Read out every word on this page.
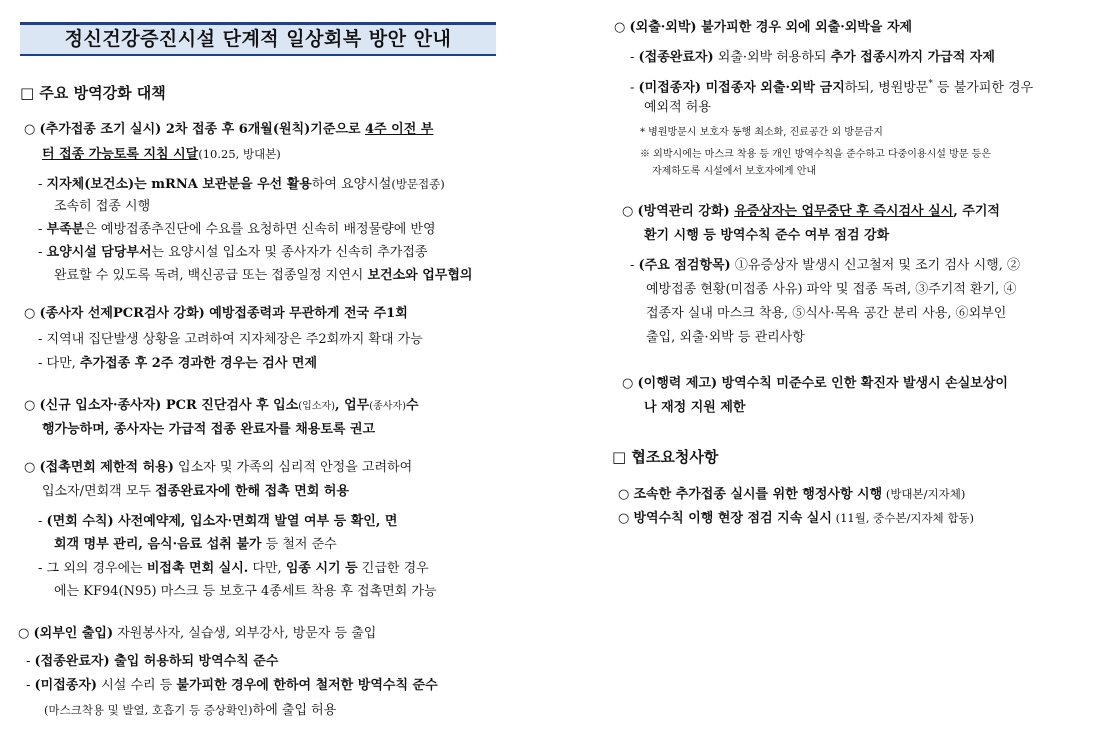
정신건강증진시설 단계적 일상회복 방안 안내
□ 주요 방역강화 대책
○ (추가접종 조기 실시) 2차 접종 후 6개월(원칙)기준으로 4주 이전 부
터 접종 가능토록 지침 시달(10.25, 방대본)
- 지자체(보건소)는 mRNA 보관분을 우선 활용하여 요양시설(방문접종)
조속히 접종 시행
- 부족분은 예방접종추진단에 수요를 요청하면 신속히 배정물량에 반영
- 요양시설 담당부서는 요양시설 입소자 및 종사자가 신속히 추가접종
완료할 수 있도록 독려, 백신공급 또는 접종일정 지연시 보건소와 업무협의
○ (종사자 선제PCR검사 강화) 예방접종력과 무관하게 전국 주1회
- 지역내 집단발생 상황을 고려하여 지자체장은 주2회까지 확대 가능
- 다만, 추가접종 후 2주 경과한 경우는 검사 면제
○ (신규 입소자·종사자) PCR 진단검사 후 입소(입소자), 업무(종사자)수
행가능하며, 종사자는 가급적 접종 완료자를 채용토록 권고
○ (접촉면회 제한적 허용) 입소자 및 가족의 심리적 안정을 고려하여
입소자/면회객 모두 접종완료자에 한해 접촉 면회 허용
- (면회 수칙) 사전예약제, 입소자·면회객 발열 여부 등 확인, 면
회객 명부 관리, 음식·음료 섭취 불가 등 철저 준수
- 그 외의 경우에는 비접촉 면회 실시. 다만, 임종 시기 등 긴급한 경우
에는 KF94(N95) 마스크 등 보호구 4종세트 착용 후 접촉면회 가능
○ (외부인 출입) 자원봉사자, 실습생, 외부강사, 방문자 등 출입
- (접종완료자) 출입 허용하되 방역수칙 준수
- (미접종자) 시설 수리 등 불가피한 경우에 한하여 철저한 방역수칙 준수
(마스크착용 및 발열, 호흡기 등 증상확인)하에 출입 허용
○ (외출·외박) 불가피한 경우 외에 외출·외박을 자제
- (접종완료자) 외출·외박 허용하되 추가 접종시까지 가급적 자제
- (미접종자) 미접종자 외출·외박 금지하되, 병원방문* 등 불가피한 경우
예외적 허용
* 병원방문시 보호자 동행 최소화, 진료공간 외 방문금지
※ 외박시에는 마스크 착용 등 개인 방역수칙을 준수하고 다중이용시설 방문 등은
자제하도록 시설에서 보호자에게 안내
○ (방역관리 강화) 유증상자는 업무중단 후 즉시검사 실시, 주기적
환기 시행 등 방역수칙 준수 여부 점검 강화
- (주요 점검항목) ①유증상자 발생시 신고철저 및 조기 검사 시행, ②
예방접종 현황(미접종 사유) 파악 및 접종 독려, ③주기적 환기, ④
접종자 실내 마스크 착용, ⑤식사·목욕 공간 분리 사용, ⑥외부인
출입, 외출·외박 등 관리사항
○ (이행력 제고) 방역수칙 미준수로 인한 확진자 발생시 손실보상이
나 재정 지원 제한
□ 협조요청사항
○ 조속한 추가접종 실시를 위한 행정사항 시행 (방대본/지자체)
○ 방역수칙 이행 현장 점검 지속 실시 (11월, 중수본/지자체 합동)
